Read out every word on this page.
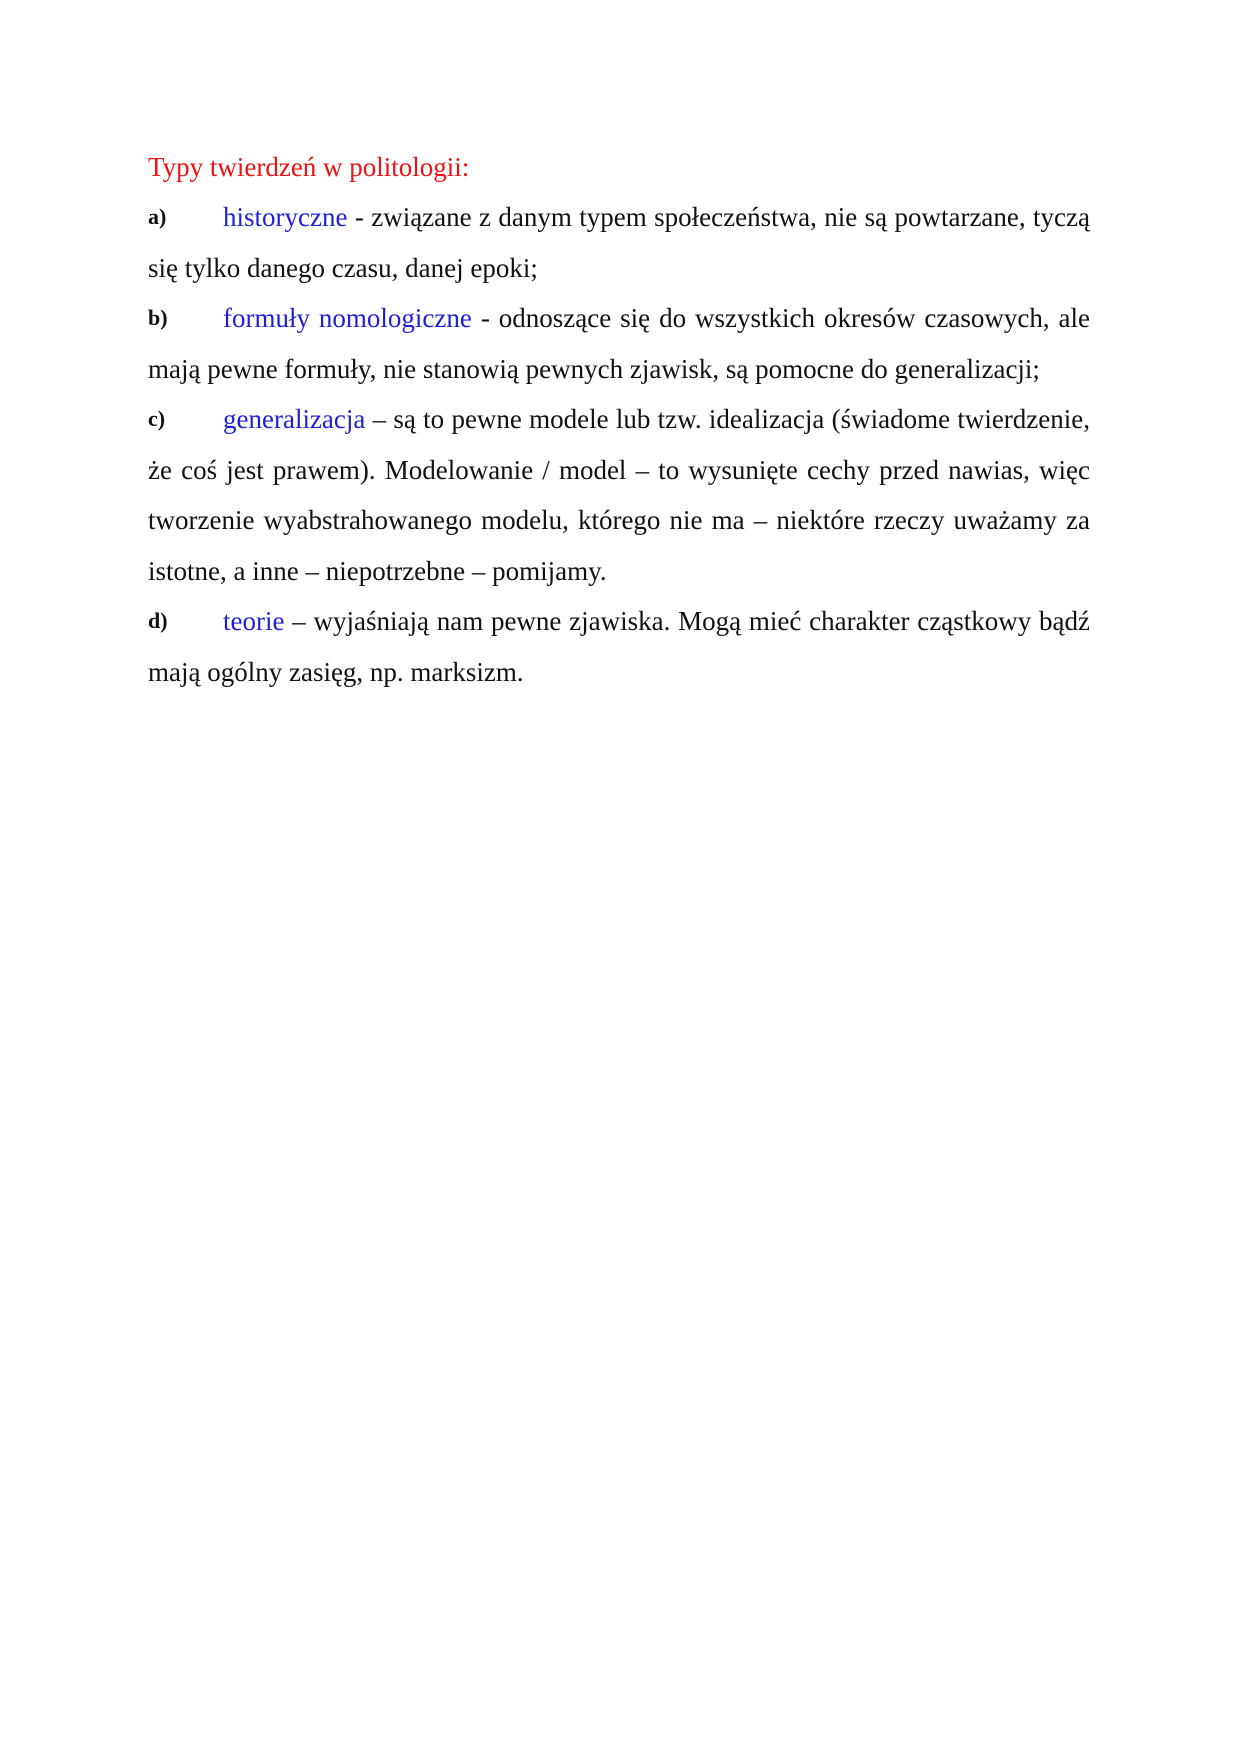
Typy twierdzeń w politologii:

a) historyczne - związane z danym typem społeczeństwa, nie są powtarzane, tyczą się tylko danego czasu, danej epoki;

b) formuły nomologiczne - odnoszące się do wszystkich okresów czasowych, ale mają pewne formuły, nie stanowią pewnych zjawisk, są pomocne do generalizacji;

c) generalizacja – są to pewne modele lub tzw. idealizacja (świadome twierdzenie, że coś jest prawem). Modelowanie / model – to wysunięte cechy przed nawias, więc tworzenie wyabstrahowanego modelu, którego nie ma – niektóre rzeczy uważamy za istotne, a inne – niepotrzebne – pomijamy.

d) teorie – wyjaśniają nam pewne zjawiska. Mogą mieć charakter cząstkowy bądź mają ogólny zasięg, np. marksizm.
